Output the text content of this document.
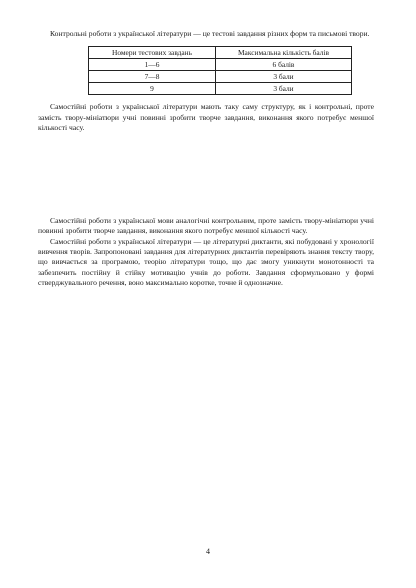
Контрольні роботи з української літератури — це тестові завдання різних форм та письмові твори.

Номери тестових завдань	Максимальна кількість балів
1—6	6 балів
7—8	3 бали
9	3 бали

Самостійні роботи з української літератури мають таку саму структуру, як і контрольні, проте замість твору-мініатюри учні повинні зробити творче завдання, виконання якого потребує меншої кількості часу.

Самостійні роботи з української мови аналогічні контрольним, проте замість твору-мініатюри учні повинні зробити творче завдання, виконання якого потребує меншої кількості часу.

Самостійні роботи з української літератури — це літературні диктанти, які побудовані у хронології вивчення творів. Запропоновані завдання для літературних диктантів перевіряють знання тексту твору, що вивчається за програмою, теорію літератури тощо, що дає змогу уникнути монотонності та забезпечить постійну й стійку мотивацію учнів до роботи. Завдання сформульовано у формі стверджувального речення, воно максимально коротке, точне й однозначне.

4
